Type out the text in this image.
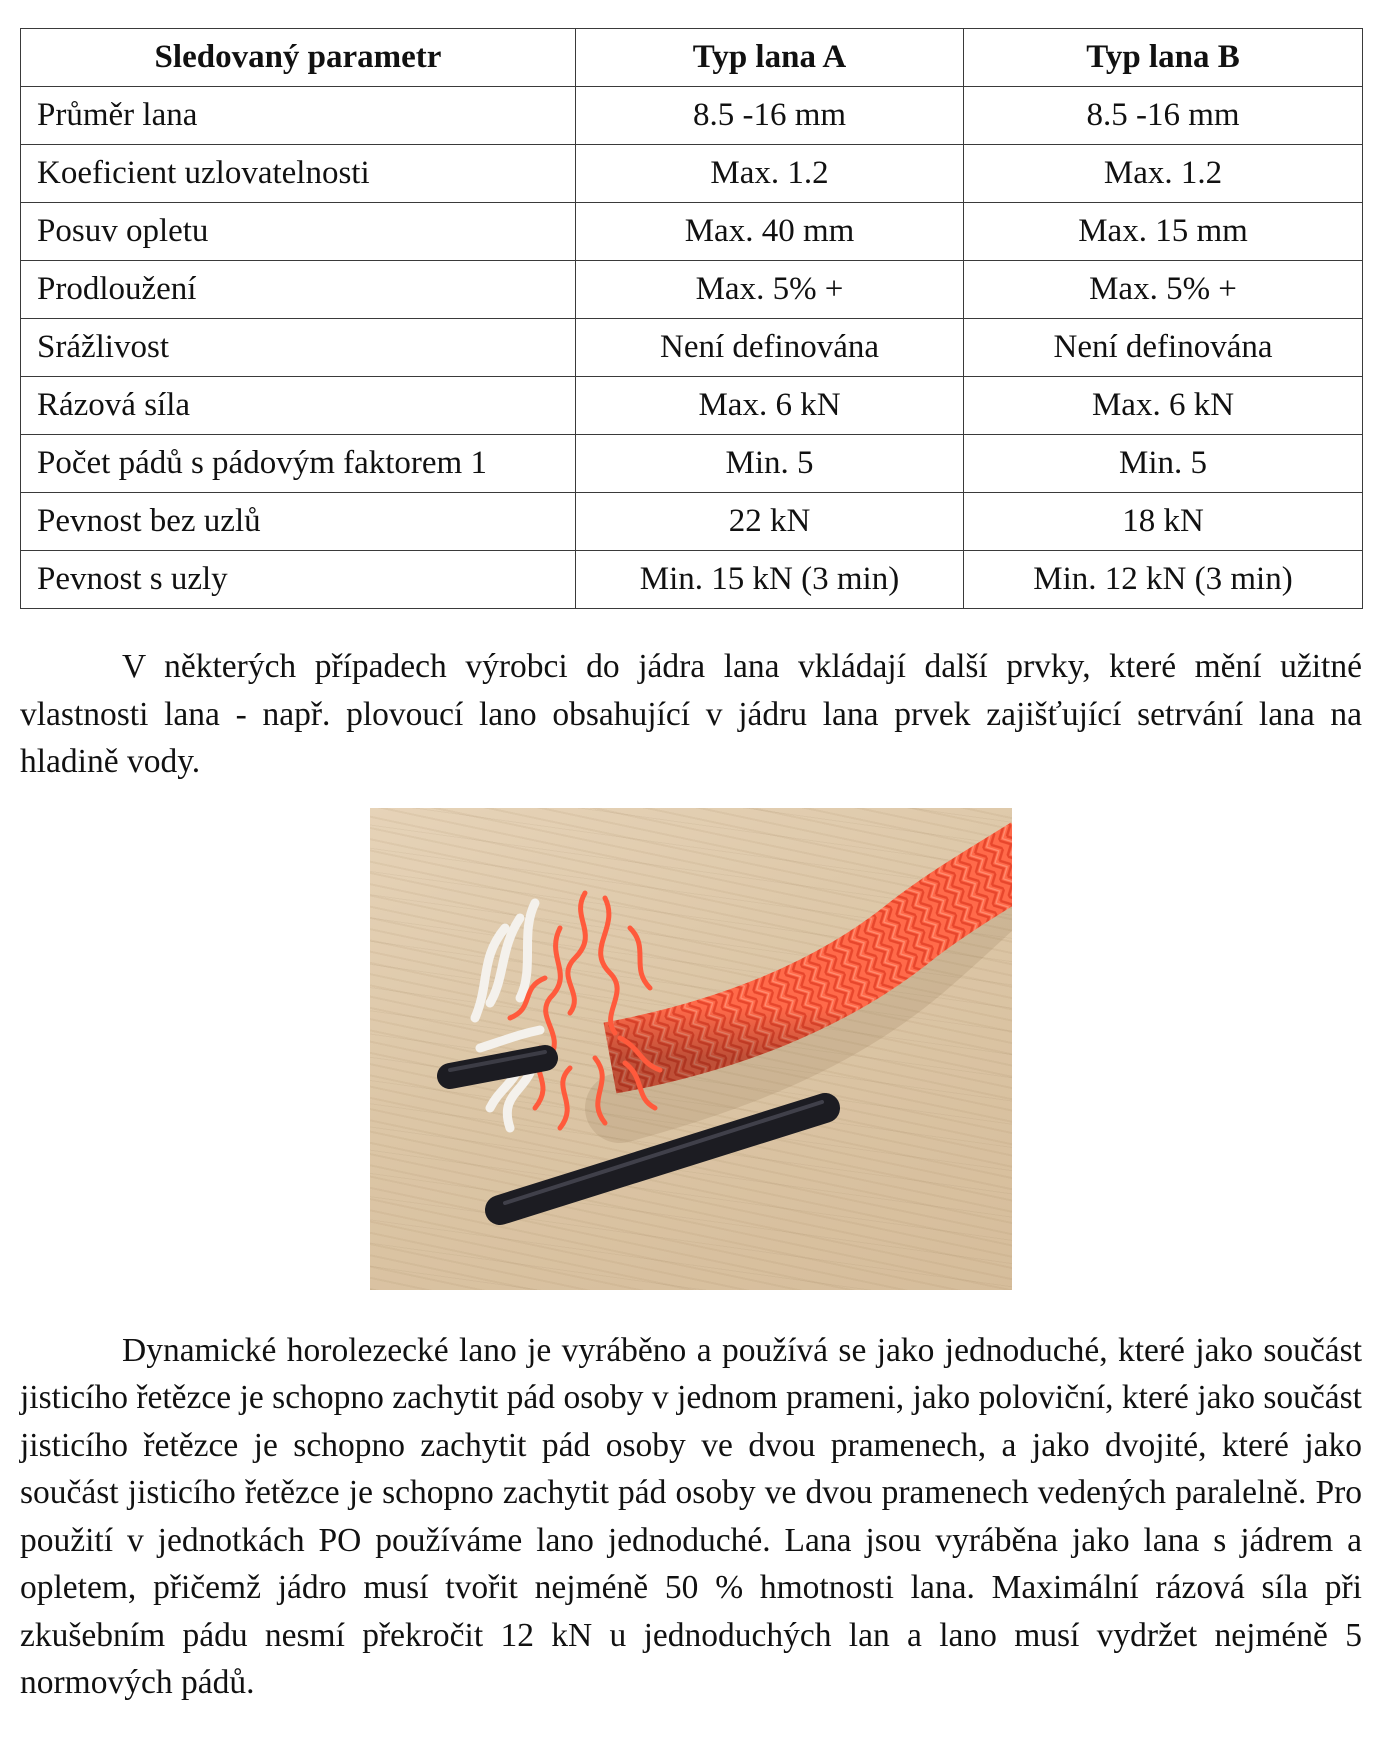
Sledovaný parametr	Typ lana A	Typ lana B
Průměr lana	8.5 -16 mm	8.5 -16 mm
Koeficient uzlovatelnosti	Max. 1.2	Max. 1.2
Posuv opletu	Max. 40 mm	Max. 15 mm
Prodloužení	Max. 5% +	Max. 5% +
Srážlivost	Není definována	Není definována
Rázová síla	Max. 6 kN	Max. 6 kN
Počet pádů s pádovým faktorem 1	Min. 5	Min. 5
Pevnost bez uzlů	22 kN	18 kN
Pevnost s uzly	Min. 15 kN (3 min)	Min. 12 kN (3 min)

V některých případech výrobci do jádra lana vkládají další prvky, které mění užitné vlastnosti lana - např. plovoucí lano obsahující v jádru lana prvek zajišťující setrvání lana na hladině vody.

Dynamické horolezecké lano je vyráběno a používá se jako jednoduché, které jako součást jisticího řetězce je schopno zachytit pád osoby v jednom prameni, jako poloviční, které jako součást jisticího řetězce je schopno zachytit pád osoby ve dvou pramenech, a jako dvojité, které jako součást jisticího řetězce je schopno zachytit pád osoby ve dvou pramenech vedených paralelně. Pro použití v jednotkách PO používáme lano jednoduché. Lana jsou vyráběna jako lana s jádrem a opletem, přičemž jádro musí tvořit nejméně 50 % hmotnosti lana. Maximální rázová síla při zkušebním pádu nesmí překročit 12 kN u jednoduchých lan a lano musí vydržet nejméně 5 normových pádů.
